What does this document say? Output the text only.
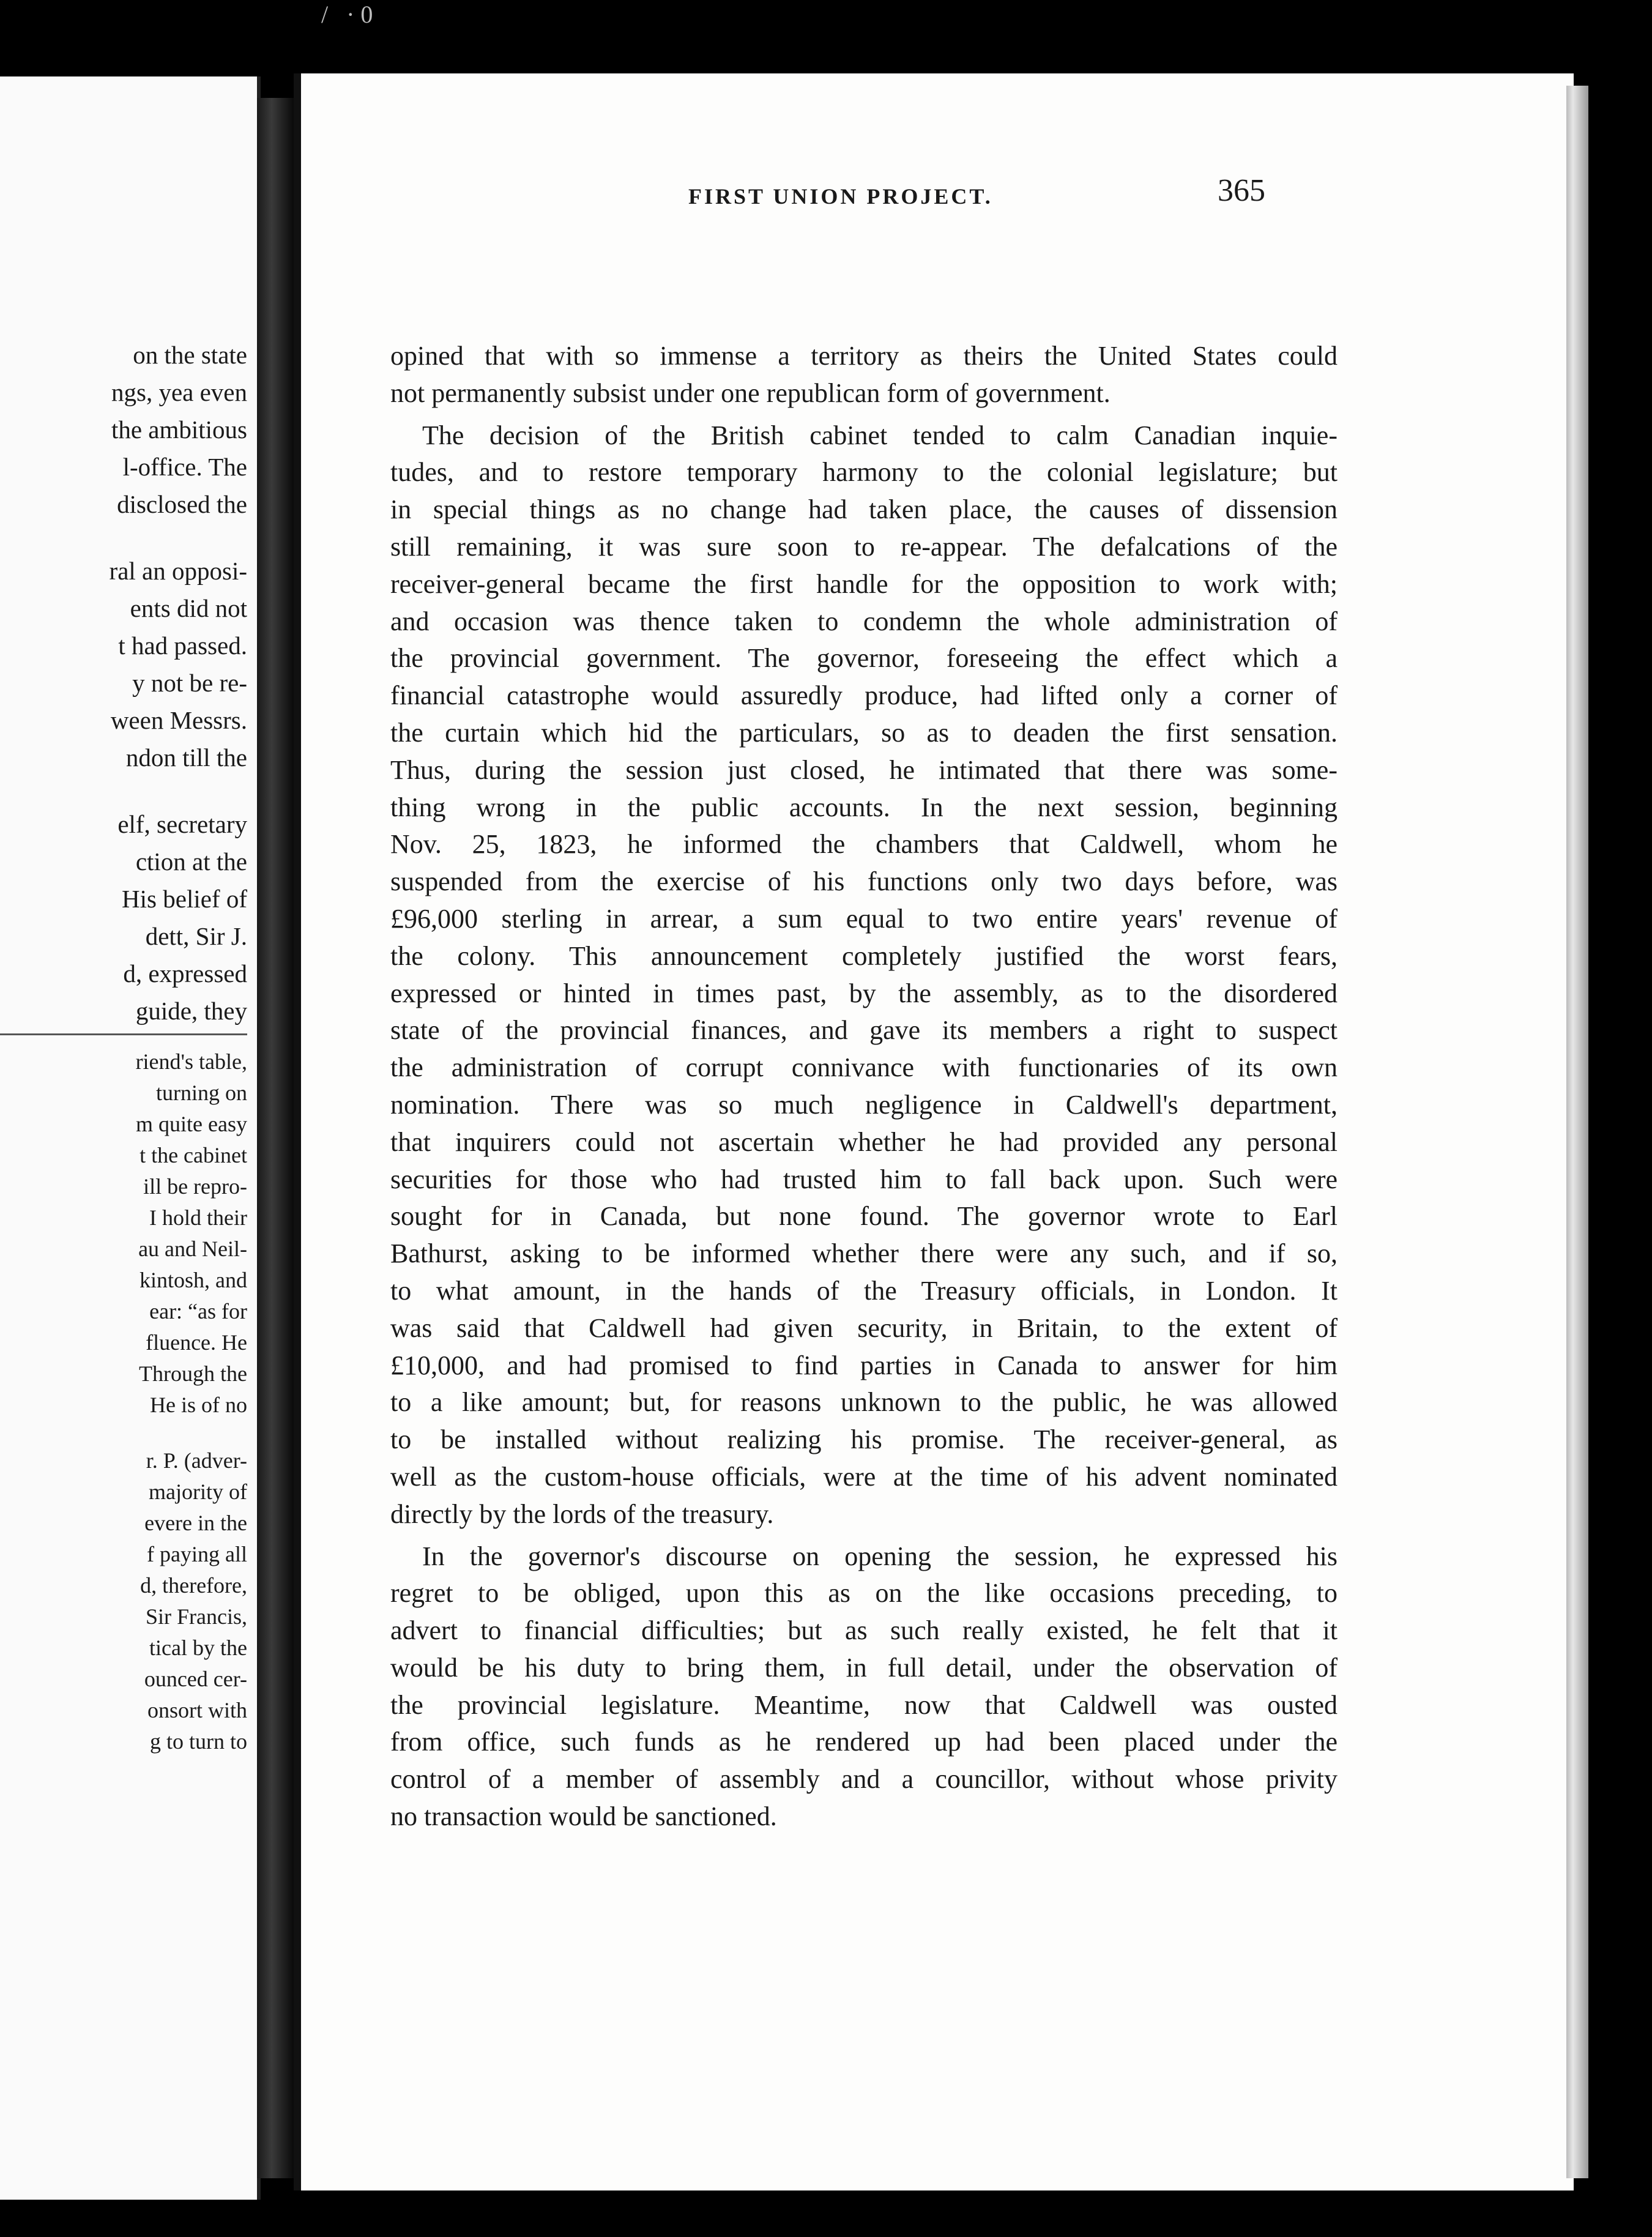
/ ·0
on the state
ngs, yea even
the ambitious
l-office. The
disclosed the
ral an opposi-
ents did not
t had passed.
y not be re-
ween Messrs.
ndon till the
elf, secretary
ction at the
His belief of
dett, Sir J.
d, expressed
guide, they
riend's table,
turning on
m quite easy
t the cabinet
ill be repro-
I hold their
au and Neil-
kintosh, and
ear: “as for
fluence. He
Through the
He is of no
r. P. (adver-
majority of
evere in the
f paying all
d, therefore,
Sir Francis,
tical by the
ounced cer-
onsort with
g to turn to
FIRST UNION PROJECT.	365
opined that with so immense a territory as theirs the United States could
not permanently subsist under one republican form of government.
The decision of the British cabinet tended to calm Canadian inquie-
tudes, and to restore temporary harmony to the colonial legislature; but
in special things as no change had taken place, the causes of dissension
still remaining, it was sure soon to re-appear. The defalcations of the
receiver-general became the first handle for the opposition to work with;
and occasion was thence taken to condemn the whole administration of
the provincial government. The governor, foreseeing the effect which a
financial catastrophe would assuredly produce, had lifted only a corner of
the curtain which hid the particulars, so as to deaden the first sensation.
Thus, during the session just closed, he intimated that there was some-
thing wrong in the public accounts. In the next session, beginning
Nov. 25, 1823, he informed the chambers that Caldwell, whom he
suspended from the exercise of his functions only two days before, was
£96,000 sterling in arrear, a sum equal to two entire years' revenue of
the colony. This announcement completely justified the worst fears,
expressed or hinted in times past, by the assembly, as to the disordered
state of the provincial finances, and gave its members a right to suspect
the administration of corrupt connivance with functionaries of its own
nomination. There was so much negligence in Caldwell's department,
that inquirers could not ascertain whether he had provided any personal
securities for those who had trusted him to fall back upon. Such were
sought for in Canada, but none found. The governor wrote to Earl
Bathurst, asking to be informed whether there were any such, and if so,
to what amount, in the hands of the Treasury officials, in London. It
was said that Caldwell had given security, in Britain, to the extent of
£10,000, and had promised to find parties in Canada to answer for him
to a like amount; but, for reasons unknown to the public, he was allowed
to be installed without realizing his promise. The receiver-general, as
well as the custom-house officials, were at the time of his advent nominated
directly by the lords of the treasury.
In the governor's discourse on opening the session, he expressed his
regret to be obliged, upon this as on the like occasions preceding, to
advert to financial difficulties; but as such really existed, he felt that it
would be his duty to bring them, in full detail, under the observation of
the provincial legislature. Meantime, now that Caldwell was ousted
from office, such funds as he rendered up had been placed under the
control of a member of assembly and a councillor, without whose privity
no transaction would be sanctioned.
